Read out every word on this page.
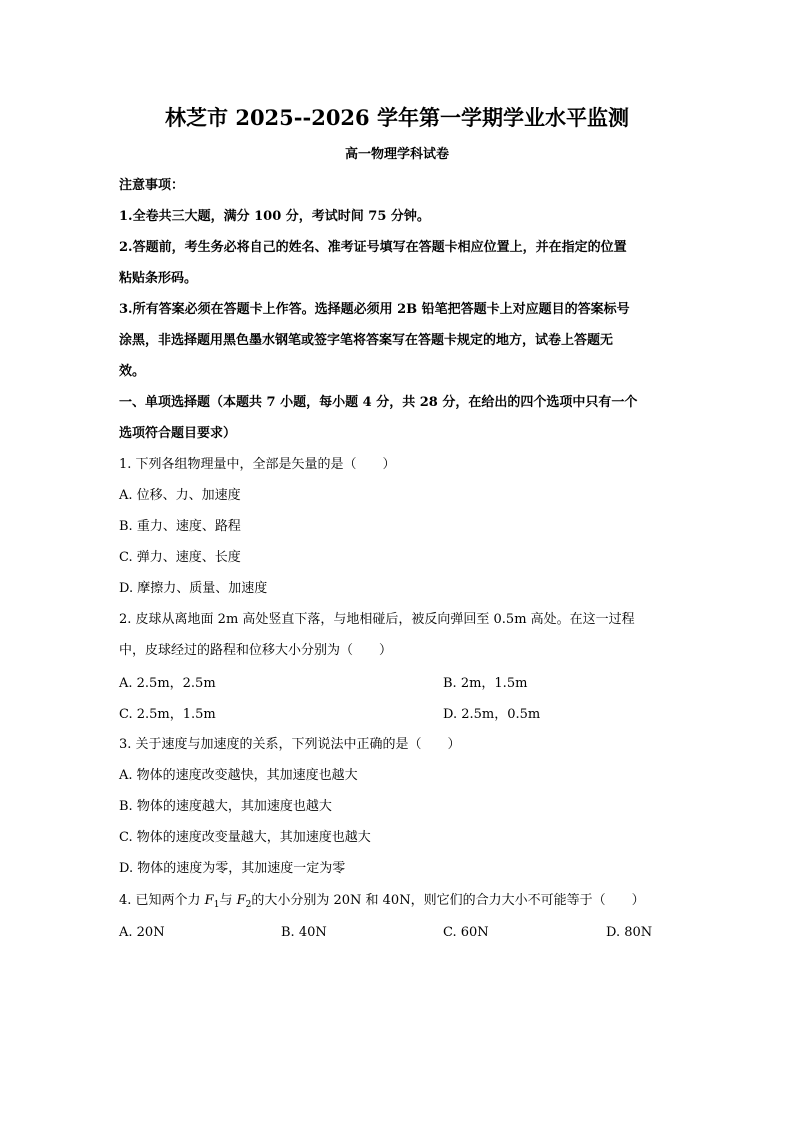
林芝市 2025--2026 学年第一学期学业水平监测
高一物理学科试卷
注意事项：
1.全卷共三大题，满分 100 分，考试时间 75 分钟。
2.答题前，考生务必将自己的姓名、准考证号填写在答题卡相应位置上，并在指定的位置
粘贴条形码。
3.所有答案必须在答题卡上作答。选择题必须用 2B 铅笔把答题卡上对应题目的答案标号
涂黑，非选择题用黑色墨水钢笔或签字笔将答案写在答题卡规定的地方，试卷上答题无
效。
一、单项选择题（本题共 7 小题，每小题 4 分，共 28 分，在给出的四个选项中只有一个
选项符合题目要求）
1. 下列各组物理量中，全部是矢量的是（　　）
A. 位移、力、加速度
B. 重力、速度、路程
C. 弹力、速度、长度
D. 摩擦力、质量、加速度
2. 皮球从离地面 2m 高处竖直下落，与地相碰后，被反向弹回至 0.5m 高处。在这一过程
中，皮球经过的路程和位移大小分别为（　　）
A. 2.5m，2.5m	B. 2m，1.5m
C. 2.5m，1.5m	D. 2.5m，0.5m
3. 关于速度与加速度的关系，下列说法中正确的是（　　）
A. 物体的速度改变越快，其加速度也越大
B. 物体的速度越大，其加速度也越大
C. 物体的速度改变量越大，其加速度也越大
D. 物体的速度为零，其加速度一定为零
4. 已知两个力 $F_1$与 $F_2$的大小分别为 20N 和 40N，则它们的合力大小不可能等于（　　）
A. 20N	B. 40N	C. 60N	D. 80N
